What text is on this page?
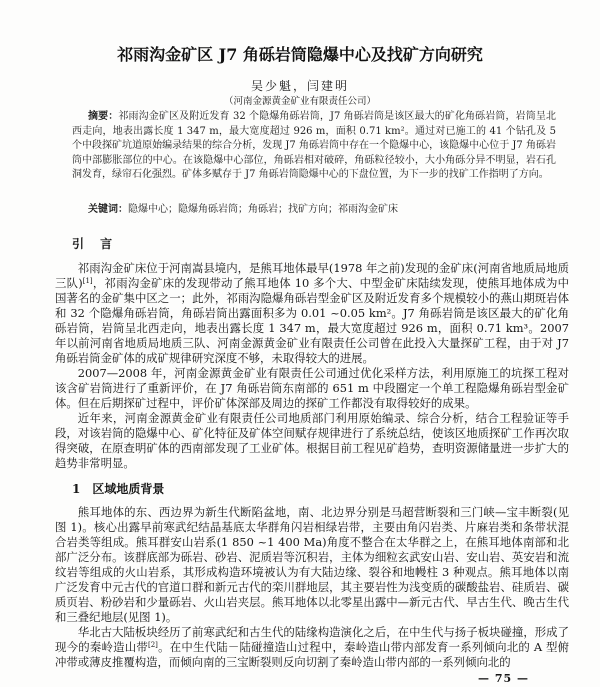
祁雨沟金矿区 J7 角砾岩筒隐爆中心及找矿方向研究
吴少魁，闫建明
（河南金源黄金矿业有限责任公司）
摘要：祁雨沟金矿区及附近发育 32 个隐爆角砾岩筒，J7 角砾岩筒是该区最大的矿化角砾岩筒，岩筒呈北西走向，地表出露长度 1 347 m，最大宽度超过 926 m，面积 0.71 km²。通过对已施工的 41 个钻孔及 5 个中段探矿坑道原始编录结果的综合分析，发现 J7 角砾岩筒中存在一个隐爆中心，该隐爆中心位于 J7 角砾岩筒中部膨胀部位的中心。在该隐爆中心部位，角砾岩相对破碎，角砾粒径较小，大小角砾分异不明显，岩石孔洞发育，绿帘石化强烈。矿体多赋存于 J7 角砾岩筒隐爆中心的下盘位置，为下一步的找矿工作指明了方向。
关键词：隐爆中心；隐爆角砾岩筒；角砾岩；找矿方向；祁雨沟金矿床
引 言

祁雨沟金矿床位于河南嵩县境内，是熊耳地体最早(1978 年之前)发现的金矿床(河南省地质局地质三队)[1]，祁雨沟金矿床的发现带动了熊耳地体 10 多个大、中型金矿床陆续发现，使熊耳地体成为中国著名的金矿集中区之一；此外，祁雨沟隐爆角砾岩型金矿区及附近发育多个规模较小的燕山期斑岩体和 32 个隐爆角砾岩筒，角砾岩筒出露面积多为 0.01 ~0.05 km²。J7 角砾岩筒是该区最大的矿化角砾岩筒，岩筒呈北西走向，地表出露长度 1 347 m，最大宽度超过 926 m，面积 0.71 km³。2007 年以前河南省地质局地质三队、河南金源黄金矿业有限责任公司曾在此投入大量探矿工程，由于对 J7 角砾岩筒金矿体的成矿规律研究深度不够，未取得较大的进展。

2007—2008 年，河南金源黄金矿业有限责任公司通过优化采样方法，利用原施工的坑探工程对该含矿岩筒进行了重新评价，在 J7 角砾岩筒东南部的 651 m 中段圈定一个单工程隐爆角砾岩型金矿体。但在后期探矿过程中，评价矿体深部及周边的探矿工作都没有取得较好的成果。

近年来，河南金源黄金矿业有限责任公司地质部门利用原始编录、综合分析，结合工程验证等手段，对该岩筒的隐爆中心、矿化特征及矿体空间赋存规律进行了系统总结，使该区地质探矿工作再次取得突破，在原查明矿体的西南部发现了工业矿体。根据目前工程见矿趋势，查明资源储量进一步扩大的趋势非常明显。

1 区域地质背景

熊耳地体的东、西边界为新生代断陷盆地，南、北边界分别是马超营断裂和三门峡—宝丰断裂(见图 1)。核心出露早前寒武纪结晶基底太华群角闪岩相绿岩带，主要由角闪岩类、片麻岩类和条带状混合岩类等组成。熊耳群安山岩系(1 850 ~1 400 Ma)角度不整合在太华群之上，在熊耳地体南部和北部广泛分布。该群底部为砾岩、砂岩、泥质岩等沉积岩，主体为细粒玄武安山岩、安山岩、英安岩和流纹岩等组成的火山岩系，其形成构造环境被认为有大陆边缘、裂谷和地幔柱 3 种观点。熊耳地体以南广泛发育中元古代的官道口群和新元古代的栾川群地层，其主要岩性为浅变质的碳酸盐岩、硅质岩、碳质页岩、粉砂岩和少量砾岩、火山岩夹层。熊耳地体以北零星出露中—新元古代、早古生代、晚古生代和三叠纪地层(见图 1)。

华北古大陆板块经历了前寒武纪和古生代的陆缘构造演化之后，在中生代与扬子板块碰撞，形成了现今的秦岭造山带[2]。在中生代陆－陆碰撞造山过程中，秦岭造山带内部发育一系列倾向北的 A 型俯冲带或薄皮推覆构造，而倾向南的三宝断裂则反向切割了秦岭造山带内部的一系列倾向北的

— 75 —
